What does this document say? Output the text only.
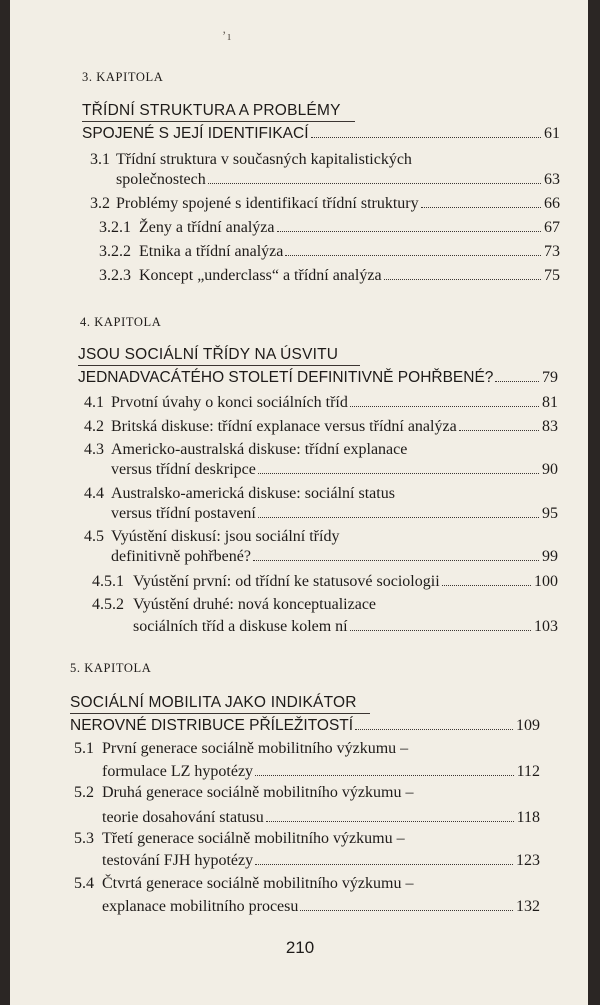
’ı
3. KAPITOLA
TŘÍDNÍ STRUKTURA A PROBLÉMY
SPOJENÉ S JEJÍ IDENTIFIKACÍ	61
3.1 Třídní struktura v současných kapitalistických
společnostech	63
3.2 Problémy spojené s identifikací třídní struktury	66
3.2.1 Ženy a třídní analýza	67
3.2.2 Etnika a třídní analýza	73
3.2.3 Koncept „underclass“ a třídní analýza	75
4. KAPITOLA
JSOU SOCIÁLNÍ TŘÍDY NA ÚSVITU
JEDNADVACÁTÉHO STOLETÍ DEFINITIVNĚ POHŘBENÉ?	79
4.1 Prvotní úvahy o konci sociálních tříd	81
4.2 Britská diskuse: třídní explanace versus třídní analýza	83
4.3 Americko-australská diskuse: třídní explanace
versus třídní deskripce	90
4.4 Australsko-americká diskuse: sociální status
versus třídní postavení	95
4.5 Vyústění diskusí: jsou sociální třídy
definitivně pohřbené?	99
4.5.1 Vyústění první: od třídní ke statusové sociologii	100
4.5.2 Vyústění druhé: nová konceptualizace
sociálních tříd a diskuse kolem ní	103
5. KAPITOLA
SOCIÁLNÍ MOBILITA JAKO INDIKÁTOR
NEROVNÉ DISTRIBUCE PŘÍLEŽITOSTÍ	109
5.1 První generace sociálně mobilitního výzkumu –
formulace LZ hypotézy	112
5.2 Druhá generace sociálně mobilitního výzkumu –
teorie dosahování statusu	118
5.3 Třetí generace sociálně mobilitního výzkumu –
testování FJH hypotézy	123
5.4 Čtvrtá generace sociálně mobilitního výzkumu –
explanace mobilitního procesu	132
210
